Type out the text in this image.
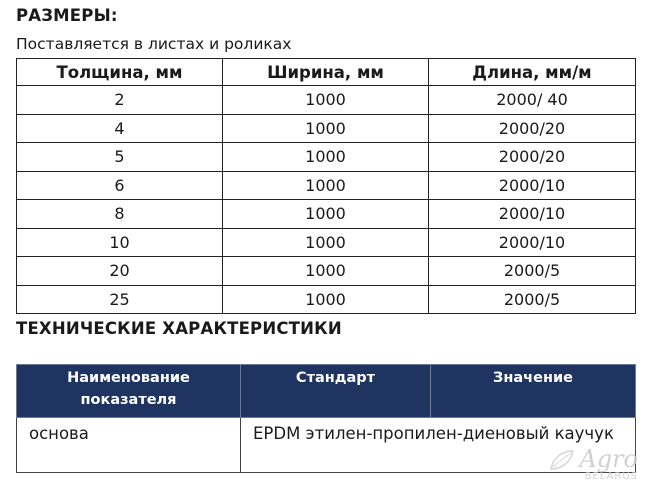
РАЗМЕРЫ:
Поставляется в листах и роликах
Толщина, мм	Ширина, мм	Длина, мм/м
2	1000	2000/ 40
4	1000	2000/20
5	1000	2000/20
6	1000	2000/10
8	1000	2000/10
10	1000	2000/10
20	1000	2000/5
25	1000	2000/5
ТЕХНИЧЕСКИЕ ХАРАКТЕРИСТИКИ
Наименование показателя	Стандарт	Значение
основа	EPDM этилен-пропилен-диеновый каучук	
Agro
BELARUS
